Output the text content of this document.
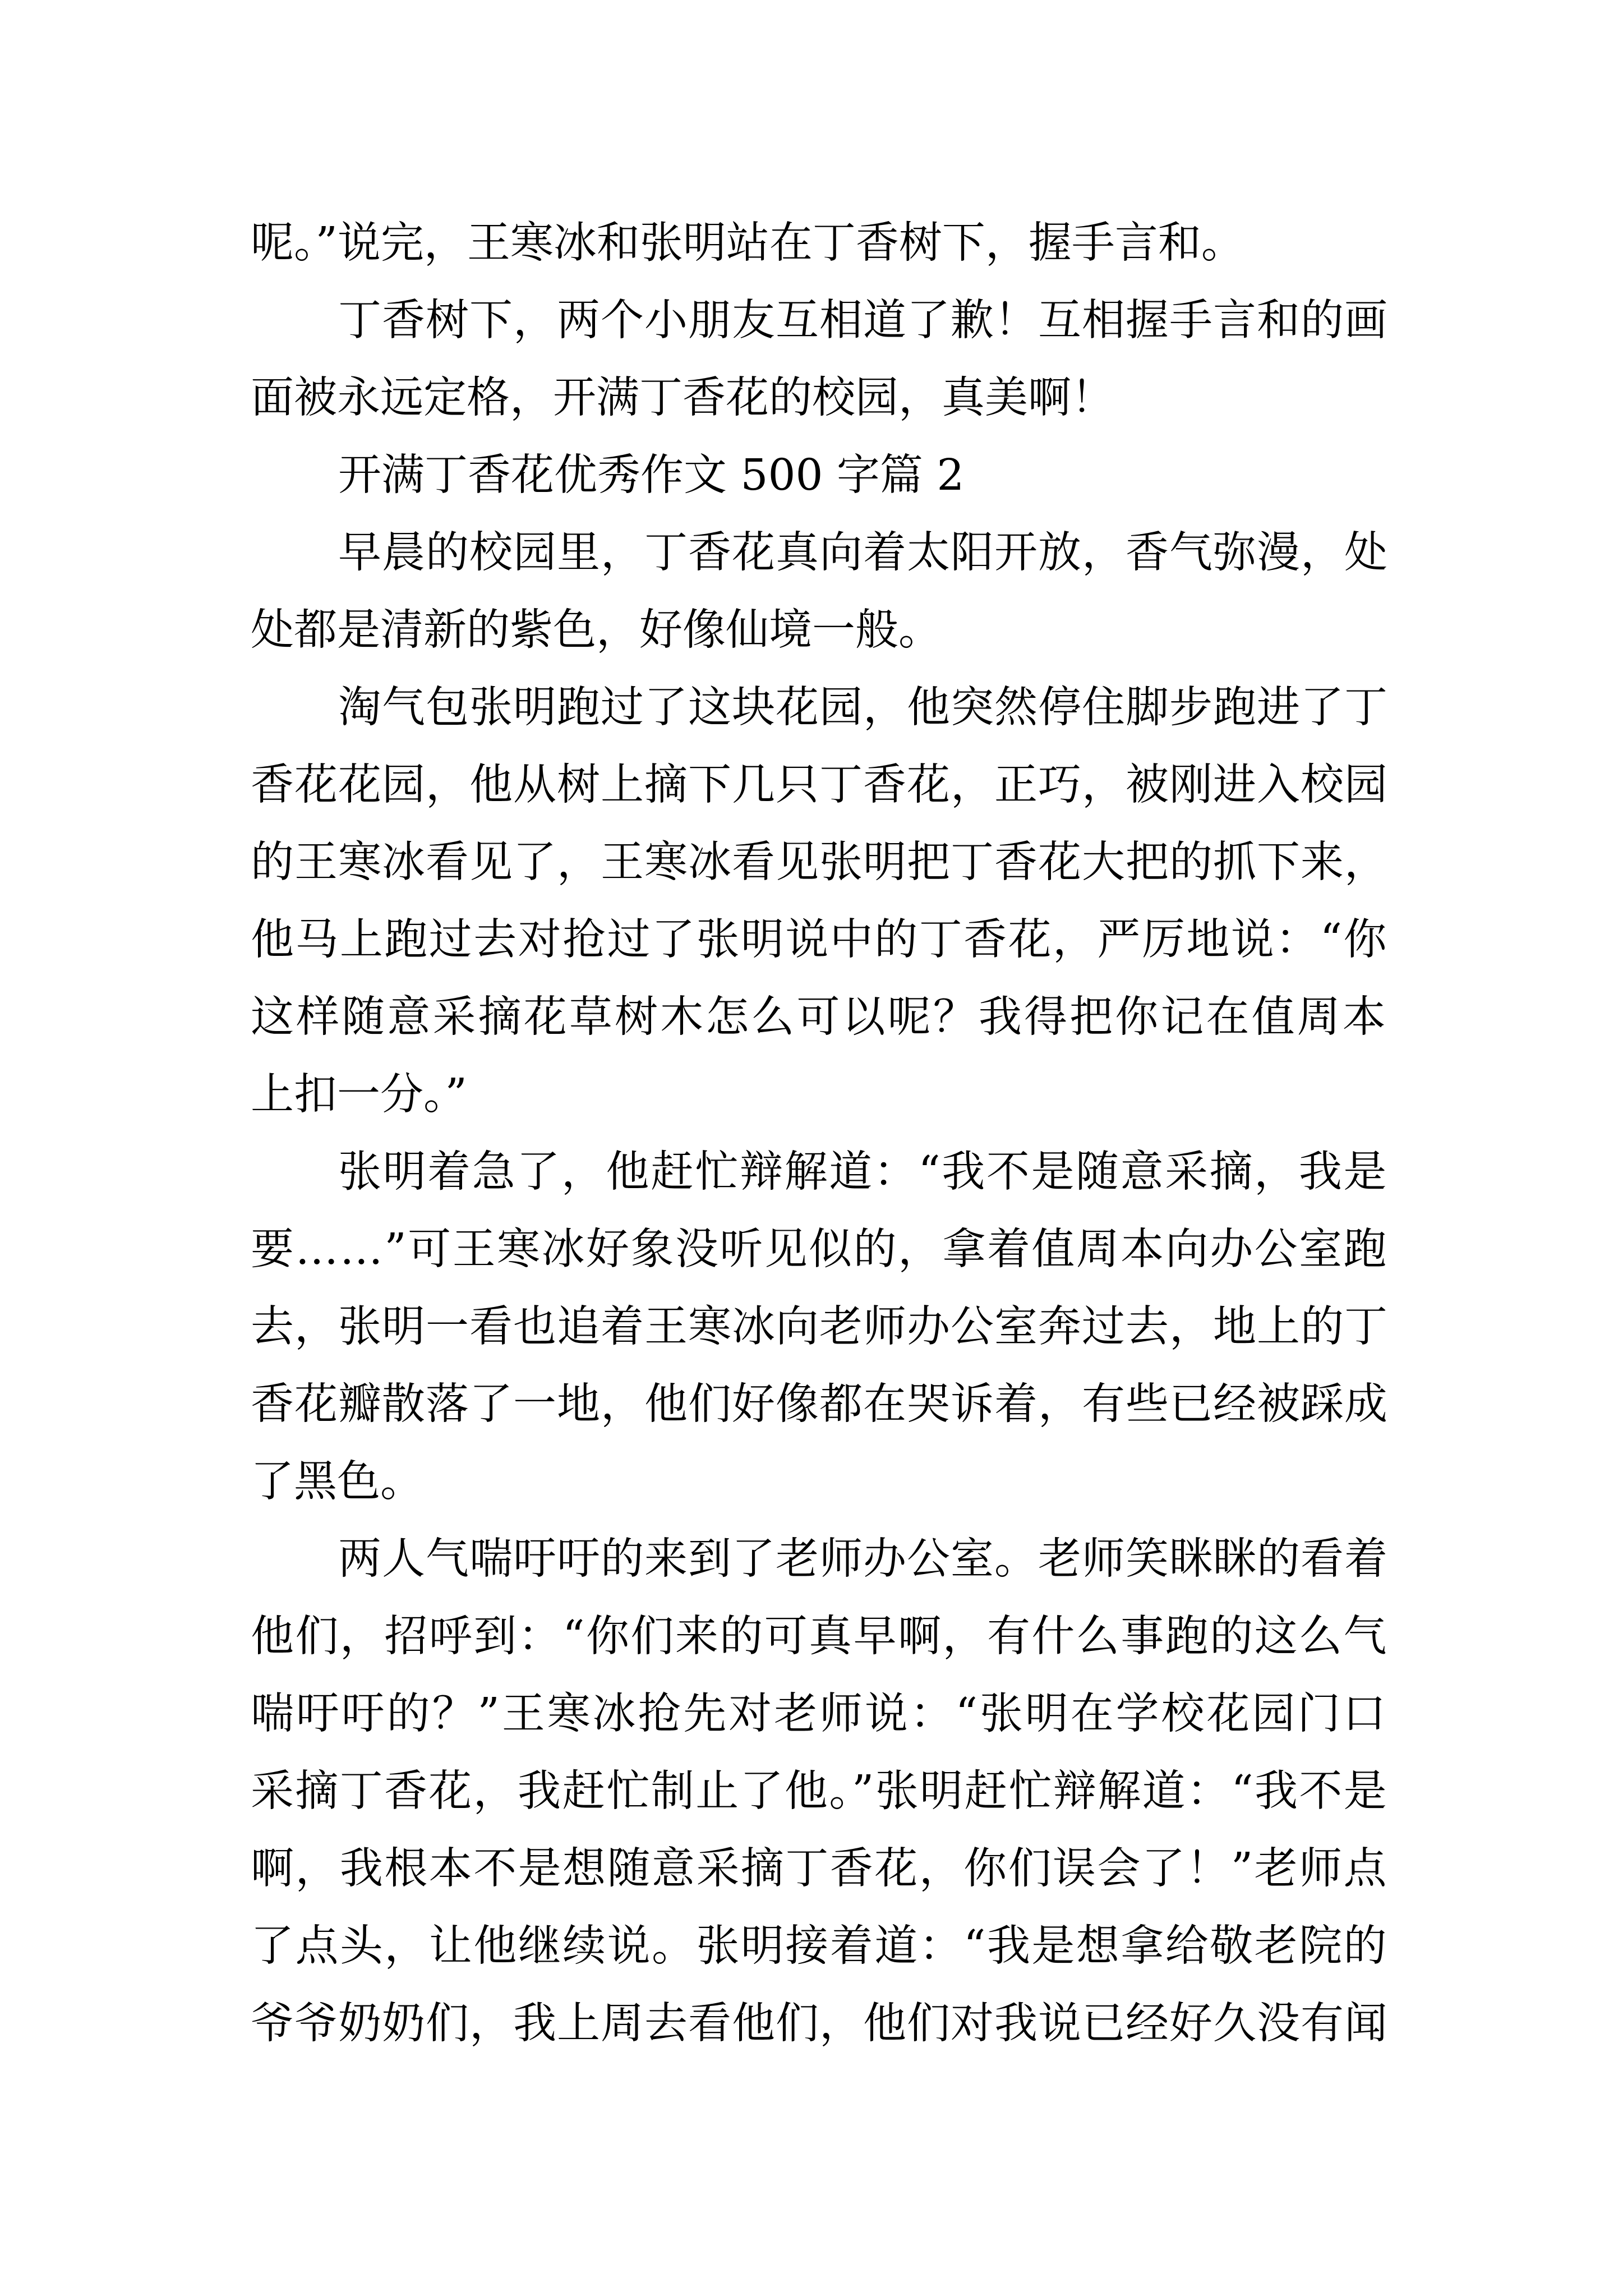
呢。”说完，王寒冰和张明站在丁香树下，握手言和。
丁香树下，两个小朋友互相道了歉！互相握手言和的画
面被永远定格，开满丁香花的校园，真美啊！
开满丁香花优秀作文 500 字篇 2
早晨的校园里，丁香花真向着太阳开放，香气弥漫，处
处都是清新的紫色，好像仙境一般。
淘气包张明跑过了这块花园，他突然停住脚步跑进了丁
香花花园，他从树上摘下几只丁香花，正巧，被刚进入校园
的王寒冰看见了，王寒冰看见张明把丁香花大把的抓下来，
他马上跑过去对抢过了张明说中的丁香花，严厉地说：“你
这样随意采摘花草树木怎么可以呢？我得把你记在值周本
上扣一分。”
张明着急了，他赶忙辩解道：“我不是随意采摘，我是
要……”可王寒冰好象没听见似的，拿着值周本向办公室跑
去，张明一看也追着王寒冰向老师办公室奔过去，地上的丁
香花瓣散落了一地，他们好像都在哭诉着，有些已经被踩成
了黑色。
两人气喘吁吁的来到了老师办公室。老师笑眯眯的看着
他们，招呼到：“你们来的可真早啊，有什么事跑的这么气
喘吁吁的？”王寒冰抢先对老师说：“张明在学校花园门口
采摘丁香花，我赶忙制止了他。”张明赶忙辩解道：“我不是
啊，我根本不是想随意采摘丁香花，你们误会了！”老师点
了点头，让他继续说。张明接着道：“我是想拿给敬老院的
爷爷奶奶们，我上周去看他们，他们对我说已经好久没有闻
